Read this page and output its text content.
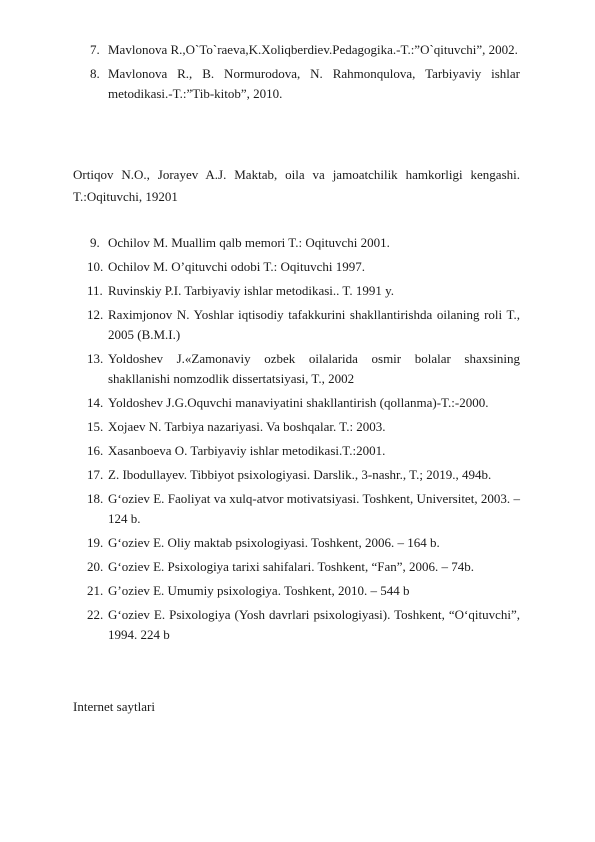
7. Mavlonova R.,O`To`raeva,K.Xoliqberdiev.Pedagogika.-T.:”O`qituvchi”, 2002.
8. Mavlonova R., B. Normurodova, N. Rahmonqulova, Tarbiyaviy ishlar metodikasi.-T.:”Tib-kitob”, 2010.

Ortiqov N.O., Jorayev A.J. Maktab, oila va jamoatchilik hamkorligi kengashi. T.:Oqituvchi, 19201

9. Ochilov M. Muallim qalb memori T.: Oqituvchi 2001.
10. Ochilov M. O’qituvchi odobi T.: Oqituvchi 1997.
11. Ruvinskiy P.I. Tarbiyaviy ishlar metodikasi.. T. 1991 y.
12. Raximjonov N. Yoshlar iqtisodiy tafakkurini shakllantirishda oilaning roli T., 2005 (B.M.I.)
13. Yoldoshev J.«Zamonaviy ozbek oilalarida osmir bolalar shaxsining shakllanishi nomzodlik dissertatsiyasi, T., 2002
14. Yoldoshev J.G.Oquvchi manaviyatini shakllantirish (qollanma)-T.:-2000.
15. Xojaev N. Tarbiya nazariyasi. Va boshqalar. T.: 2003.
16. Xasanboeva O. Tarbiyaviy ishlar metodikasi.T.:2001.
17. Z. Ibodullayev. Tibbiyot psixologiyasi. Darslik., 3-nashr., T.; 2019., 494b.
18. G‘oziev E. Faoliyat va xulq-atvor motivatsiyasi. Toshkent, Universitet, 2003. – 124 b.
19. G‘oziev E. Oliy maktab psixologiyasi. Toshkent, 2006. – 164 b.
20. G‘oziev E. Psixologiya tarixi sahifalari. Toshkent, “Fan”, 2006. – 74b.
21. G’oziev E. Umumiy psixologiya. Toshkent, 2010. – 544 b
22. G‘oziev E. Psixologiya (Yosh davrlari psixologiyasi). Toshkent, “O‘qituvchi”, 1994. 224 b
Internet saytlari
